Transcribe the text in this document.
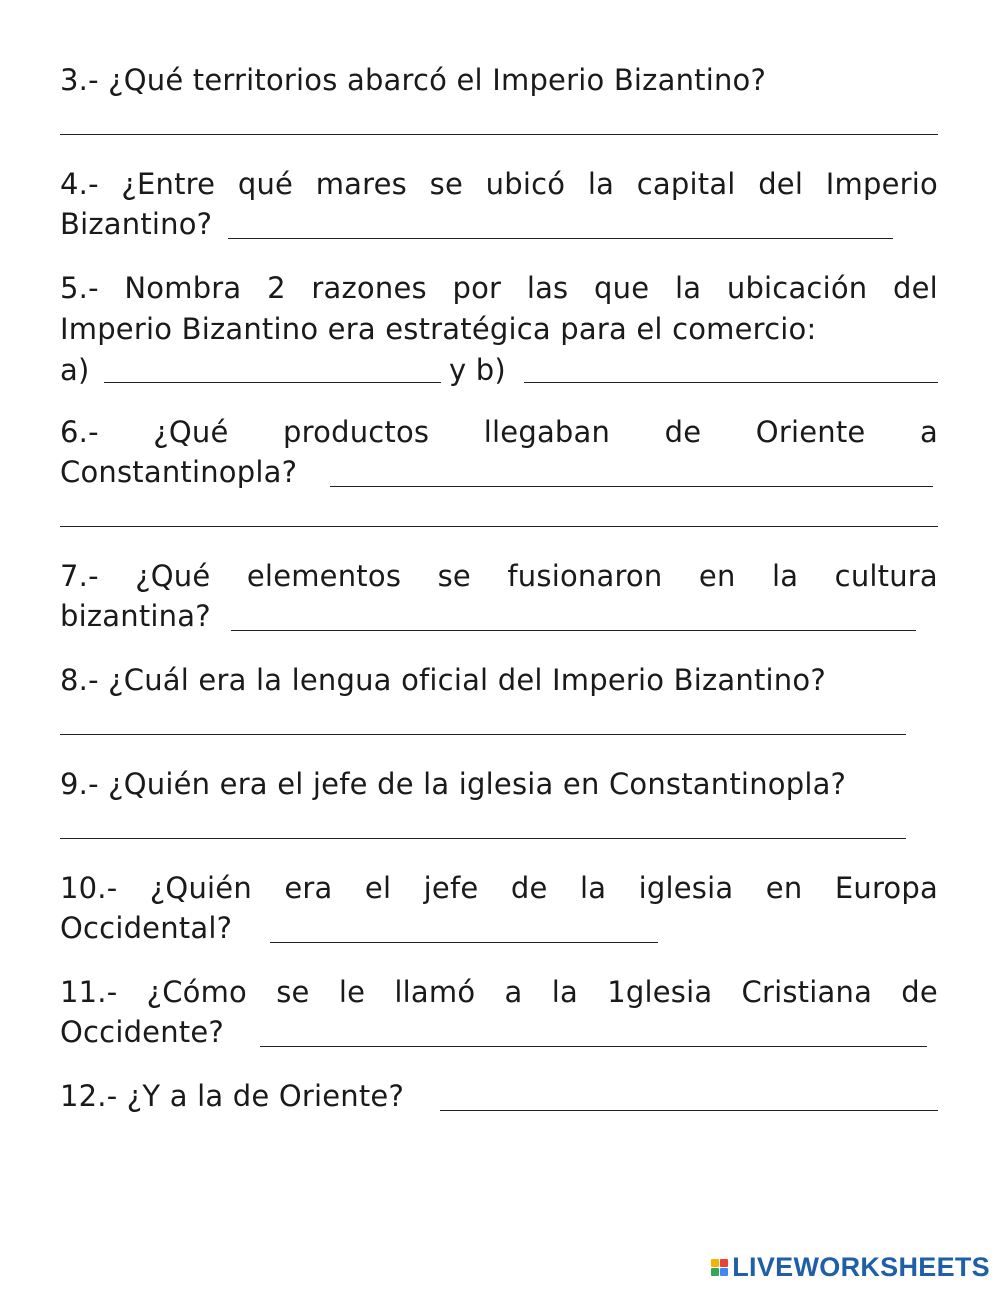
3.- ¿Qué territorios abarcó el Imperio Bizantino?
4.- ¿Entre qué mares se ubicó la capital del Imperio
Bizantino?
5.- Nombra 2 razones por las que la ubicación del
Imperio Bizantino era estratégica para el comercio:
a)	y b)
6.- ¿Qué productos llegaban de Oriente a
Constantinopla?
7.- ¿Qué elementos se fusionaron en la cultura
bizantina?
8.- ¿Cuál era la lengua oficial del Imperio Bizantino?
9.- ¿Quién era el jefe de la iglesia en Constantinopla?
10.- ¿Quién era el jefe de la iglesia en Europa
Occidental?
11.- ¿Cómo se le llamó a la 1glesia Cristiana de
Occidente?
12.- ¿Y a la de Oriente?
LIVEWORKSHEETS
